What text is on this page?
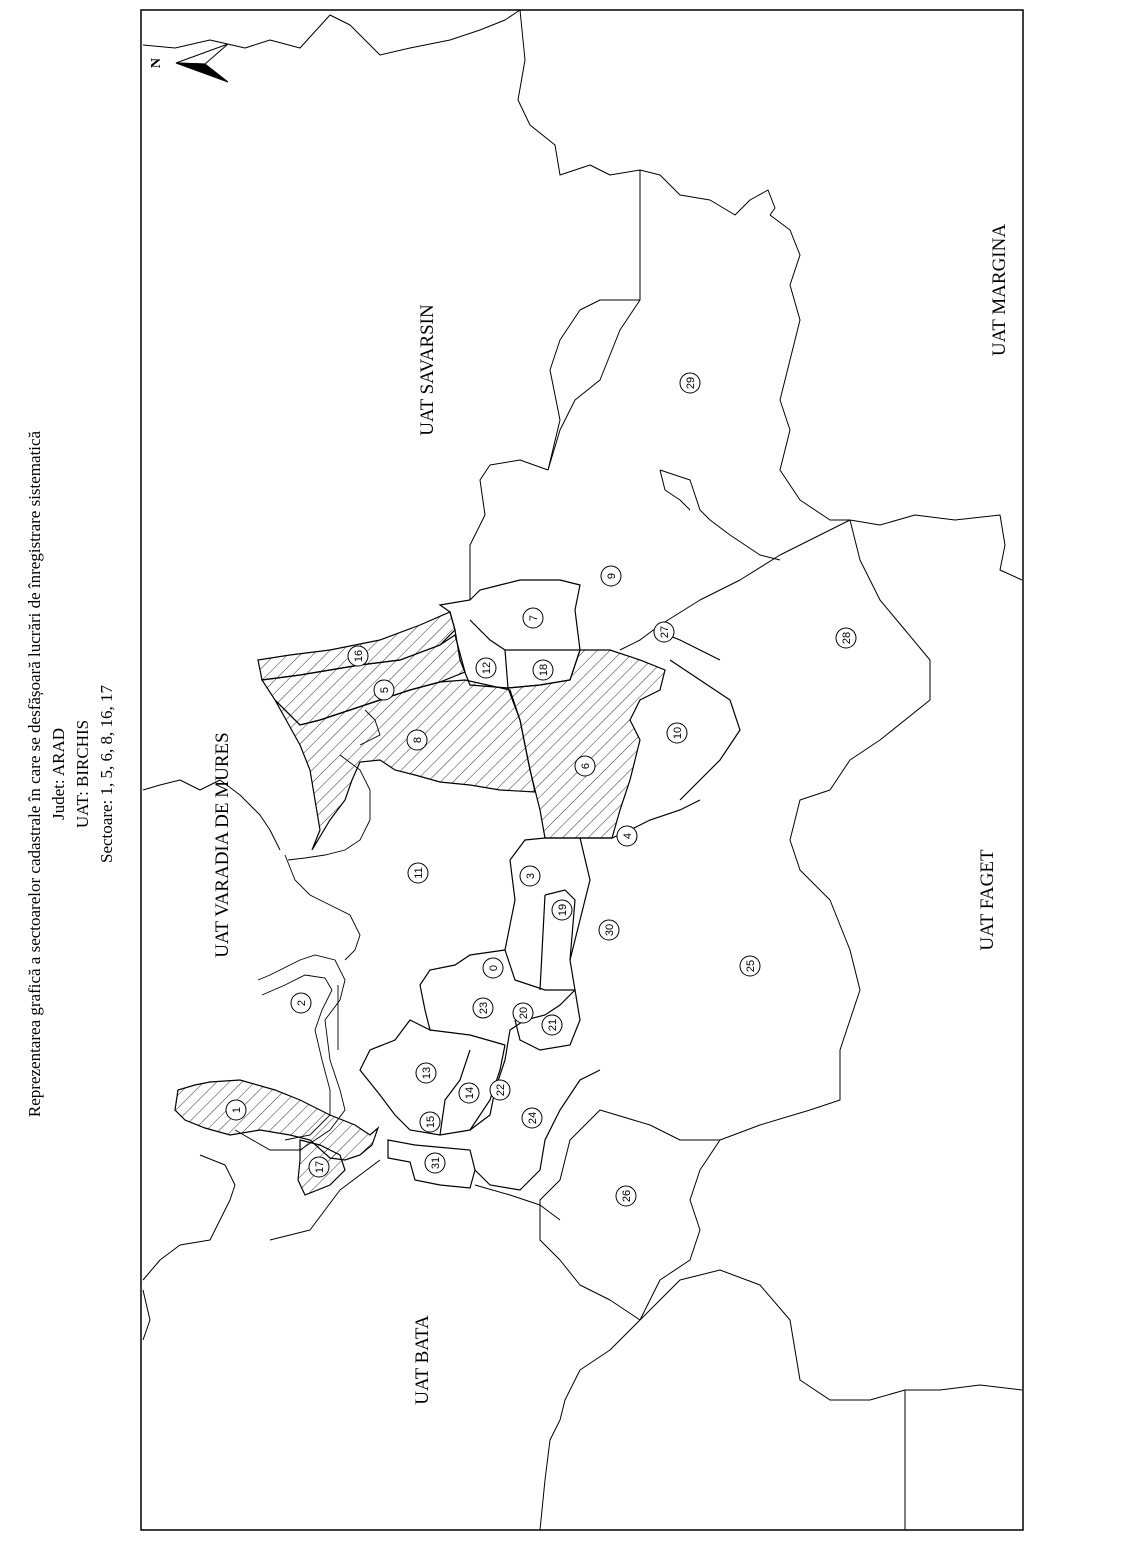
Reprezentarea grafică a sectoarelor cadastrale în care se desfășoară lucrări de înregistrare sistematică Judet: ARAD UAT: BIRCHIS Sectoare: 1, 5, 6, 8, 16, 17
N
UAT SAVARSIN
UAT MARGINA
UAT VARADIA DE MURES	UAT FAGET
UAT BATA
0
1
2
3
4
5
6
7
8
9
10
11
12
13
14
15
16
17
18
19
20
21
22
23
24
25
26
27	28
29
30
31
